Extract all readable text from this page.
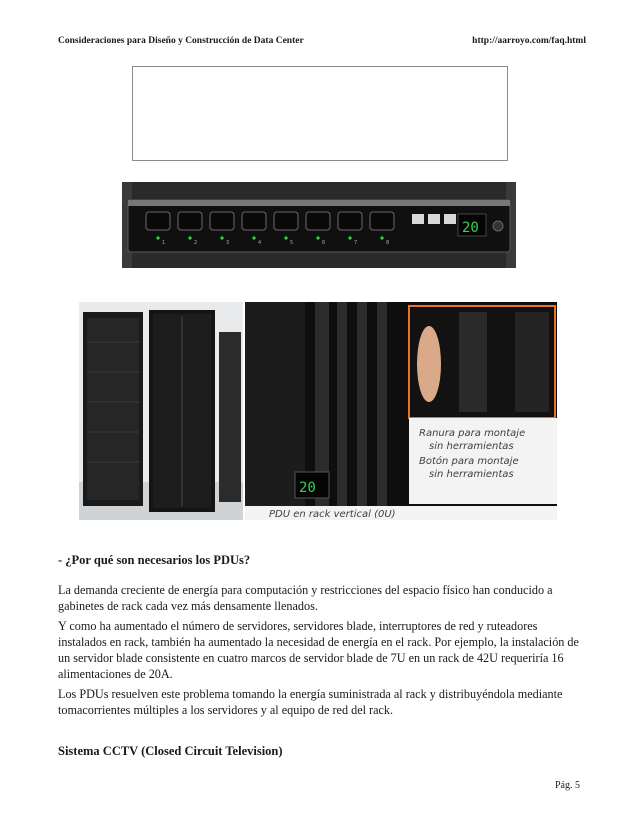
Consideraciones para Diseño y Construcción de Data Center	http://aarroyo.com/faq.html
1	2	3	4	5	6	7	8
20
20
Ranura para montaje
sin herramientas
Botón para montaje
sin herramientas
PDU en rack vertical (0U)
- ¿Por qué son necesarios los PDUs?

La demanda creciente de energía para computación y restricciones del espacio físico han conducido a gabinetes de rack cada vez más densamente llenados.

Y como ha aumentado el número de servidores, servidores blade, interruptores de red y ruteadores instalados en rack, también ha aumentado la necesidad de energía en el rack. Por ejemplo, la instalación de un servidor blade consistente en cuatro marcos de servidor blade de 7U en un rack de 42U requeriría 16 alimentaciones de 20A.

Los PDUs resuelven este problema tomando la energía suministrada al rack y distribuyéndola mediante tomacorrientes múltiples a los servidores y al equipo de red del rack.

Sistema CCTV (Closed Circuit Television)
Pág. 5
